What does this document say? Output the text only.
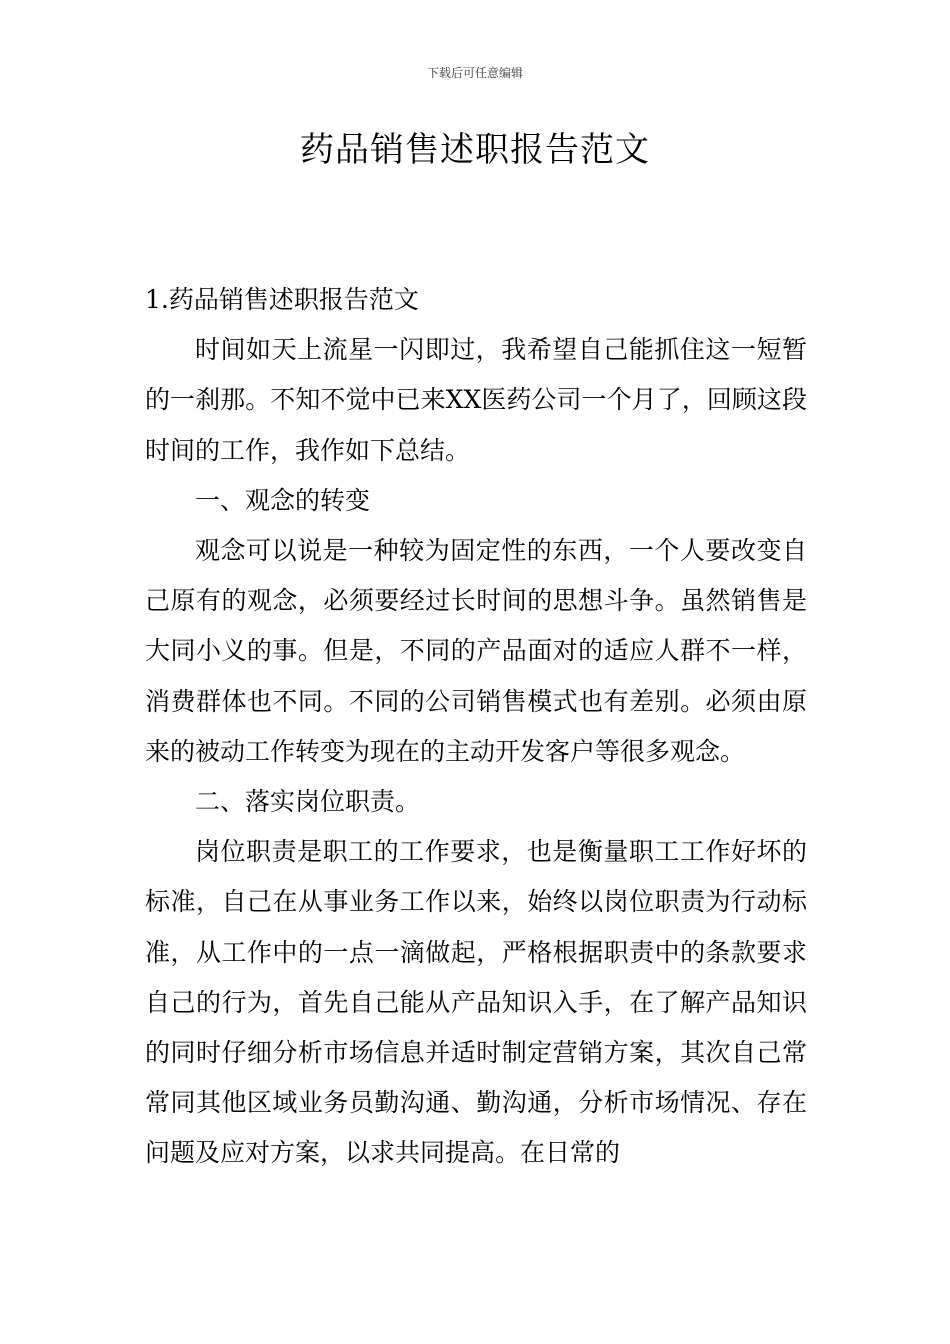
下载后可任意编辑
药品销售述职报告范文

1.药品销售述职报告范文

时间如天上流星一闪即过，我希望自己能抓住这一短暂的一刹那。不知不觉中已来XX医药公司一个月了，回顾这段时间的工作，我作如下总结。

一、观念的转变

观念可以说是一种较为固定性的东西，一个人要改变自己原有的观念，必须要经过长时间的思想斗争。虽然销售是大同小义的事。但是，不同的产品面对的适应人群不一样，消费群体也不同。不同的公司销售模式也有差别。必须由原来的被动工作转变为现在的主动开发客户等很多观念。

二、落实岗位职责。

岗位职责是职工的工作要求，也是衡量职工工作好坏的标准，自己在从事业务工作以来，始终以岗位职责为行动标准，从工作中的一点一滴做起，严格根据职责中的条款要求自己的行为，首先自己能从产品知识入手，在了解产品知识的同时仔细分析市场信息并适时制定营销方案，其次自己常常同其他区域业务员勤沟通、勤沟通，分析市场情况、存在问题及应对方案，以求共同提高。在日常的
